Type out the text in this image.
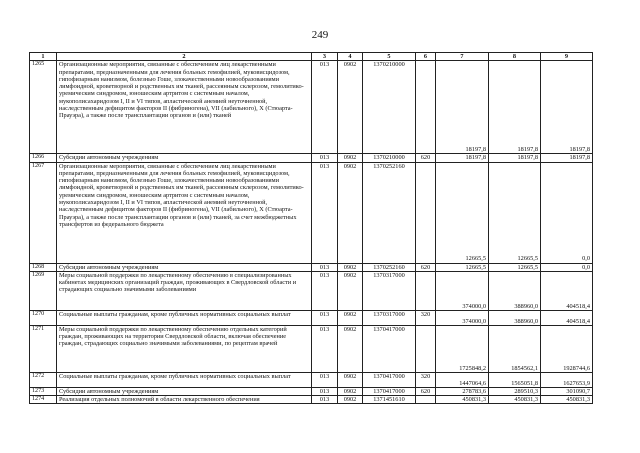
249
1	2	3	4	5	6	7	8	9
1265	Организационные мероприятия, связанные с обеспечением лиц лекарственными препаратами, предназначенными для лечения больных гемофилией, муковисцидозом, гипофизарным нанизмом, болезнью Гоше, злокачественными новообразованиями лимфоидной, кроветворной и родственных им тканей, рассеянным склерозом, гемолитико-уремическим синдромом, юношеским артритом с системным началом, мукополисахаридозом I, II и VI типов, апластической анемией неуточненной, наследственным дефицитом факторов II (фибриногена), VII (лабильного), X (Стюарта-Прауэра), а также после трансплантации органов и (или) тканей	013	0902	1370210000		18197,8	18197,8	18197,8
1266	Субсидии автономным учреждениям	013	0902	1370210000	620	18197,8	18197,8	18197,8
1267	Организационные мероприятия, связанные с обеспечением лиц лекарственными препаратами, предназначенными для лечения больных гемофилией, муковисцидозом, гипофизарным нанизмом, болезнью Гоше, злокачественными новообразованиями лимфоидной, кроветворной и родственных им тканей, рассеянным склерозом, гемолитико-уремическим синдромом, юношеским артритом с системным началом, мукополисахаридозом I, II и VI типов, апластической анемией неуточненной, наследственным дефицитом факторов II (фибриногена), VII (лабильного), X (Стюарта-Прауэра), а также после трансплантации органов и (или) тканей, за счет межбюджетных трансфертов из федерального бюджета	013	0902	1370252160		12665,5	12665,5	0,0
1268	Субсидии автономным учреждениям	013	0902	1370252160	620	12665,5	12665,5	0,0
1269	Меры социальной поддержки по лекарственному обеспечению в специализированных кабинетах медицинских организаций граждан, проживающих в Свердловской области и страдающих социально значимыми заболеваниями	013	0902	1370317000		374000,0	388960,0	404518,4
1270	Социальные выплаты гражданам, кроме публичных нормативных социальных выплат	013	0902	1370317000	320	374000,0	388960,0	404518,4
1271	Меры социальной поддержки по лекарственному обеспечению отдельных категорий граждан, проживающих на территории Свердловской области, включая обеспечение граждан, страдающих социально значимыми заболеваниями, по рецептам врачей	013	0902	1370417000		1725848,2	1854562,1	1928744,6
1272	Социальные выплаты гражданам, кроме публичных нормативных социальных выплат	013	0902	1370417000	320	1447064,6	1565051,8	1627653,9
1273	Субсидии автономным учреждениям	013	0902	1370417000	620	278783,6	289510,3	301090,7
1274	Реализация отдельных полномочий в области лекарственного обеспечения	013	0902	1371451610		450831,3	450831,3	450831,3
